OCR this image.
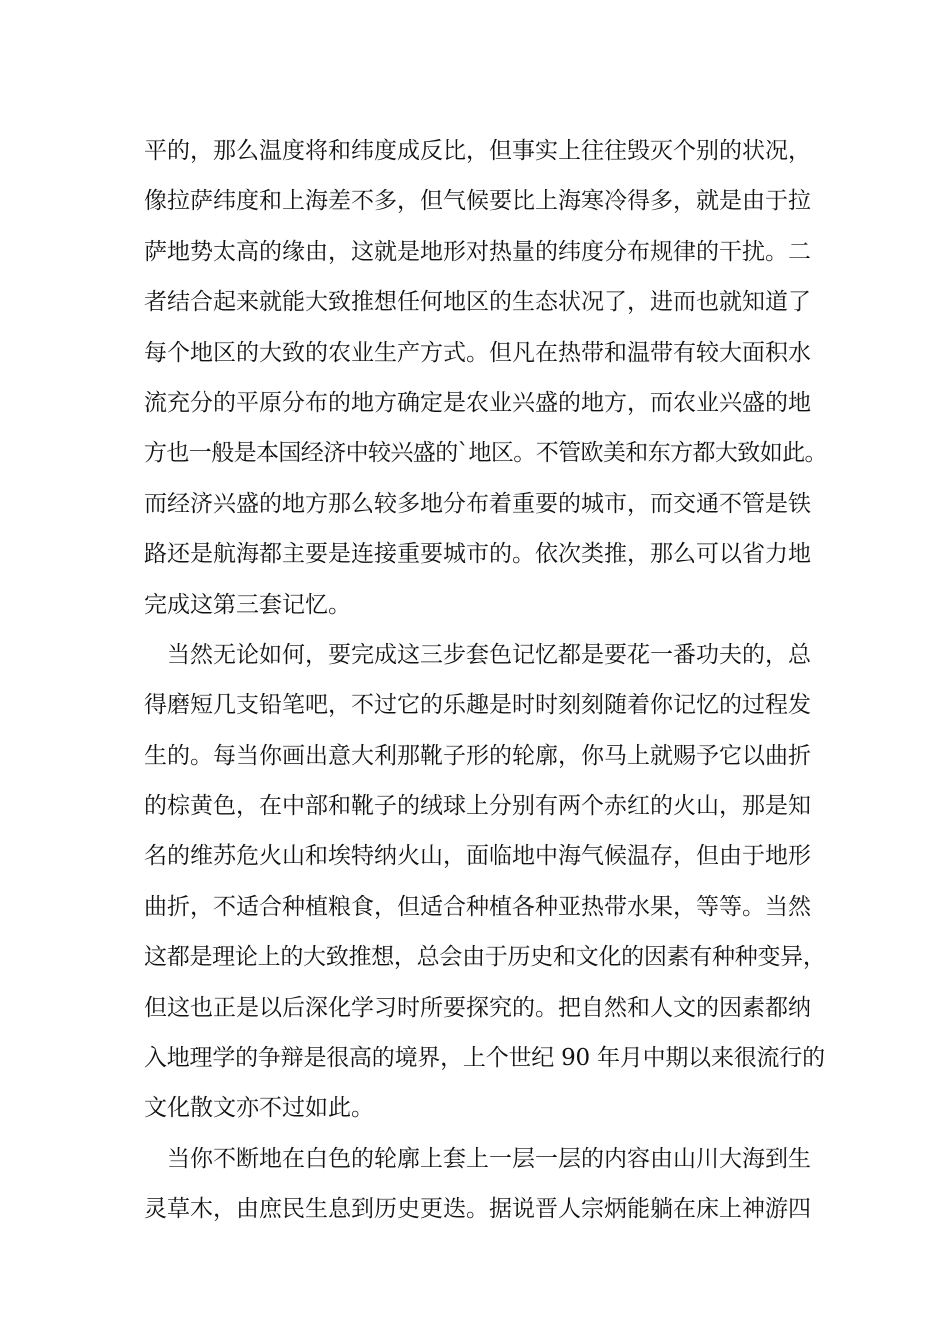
平的，那么温度将和纬度成反比，但事实上往往毁灭个别的状况，
像拉萨纬度和上海差不多，但气候要比上海寒冷得多，就是由于拉
萨地势太高的缘由，这就是地形对热量的纬度分布规律的干扰。二
者结合起来就能大致推想任何地区的生态状况了，进而也就知道了
每个地区的大致的农业生产方式。但凡在热带和温带有较大面积水
流充分的平原分布的地方确定是农业兴盛的地方，而农业兴盛的地
方也一般是本国经济中较兴盛的`地区。不管欧美和东方都大致如此。
而经济兴盛的地方那么较多地分布着重要的城市，而交通不管是铁
路还是航海都主要是连接重要城市的。依次类推，那么可以省力地
完成这第三套记忆。
当然无论如何，要完成这三步套色记忆都是要花一番功夫的，总
得磨短几支铅笔吧，不过它的乐趣是时时刻刻随着你记忆的过程发
生的。每当你画出意大利那靴子形的轮廓，你马上就赐予它以曲折
的棕黄色，在中部和靴子的绒球上分别有两个赤红的火山，那是知
名的维苏危火山和埃特纳火山，面临地中海气候温存，但由于地形
曲折，不适合种植粮食，但适合种植各种亚热带水果，等等。当然
这都是理论上的大致推想，总会由于历史和文化的因素有种种变异，
但这也正是以后深化学习时所要探究的。把自然和人文的因素都纳
入地理学的争辩是很高的境界，上个世纪 90 年月中期以来很流行的
文化散文亦不过如此。
当你不断地在白色的轮廓上套上一层一层的内容由山川大海到生
灵草木，由庶民生息到历史更迭。据说晋人宗炳能躺在床上神游四
